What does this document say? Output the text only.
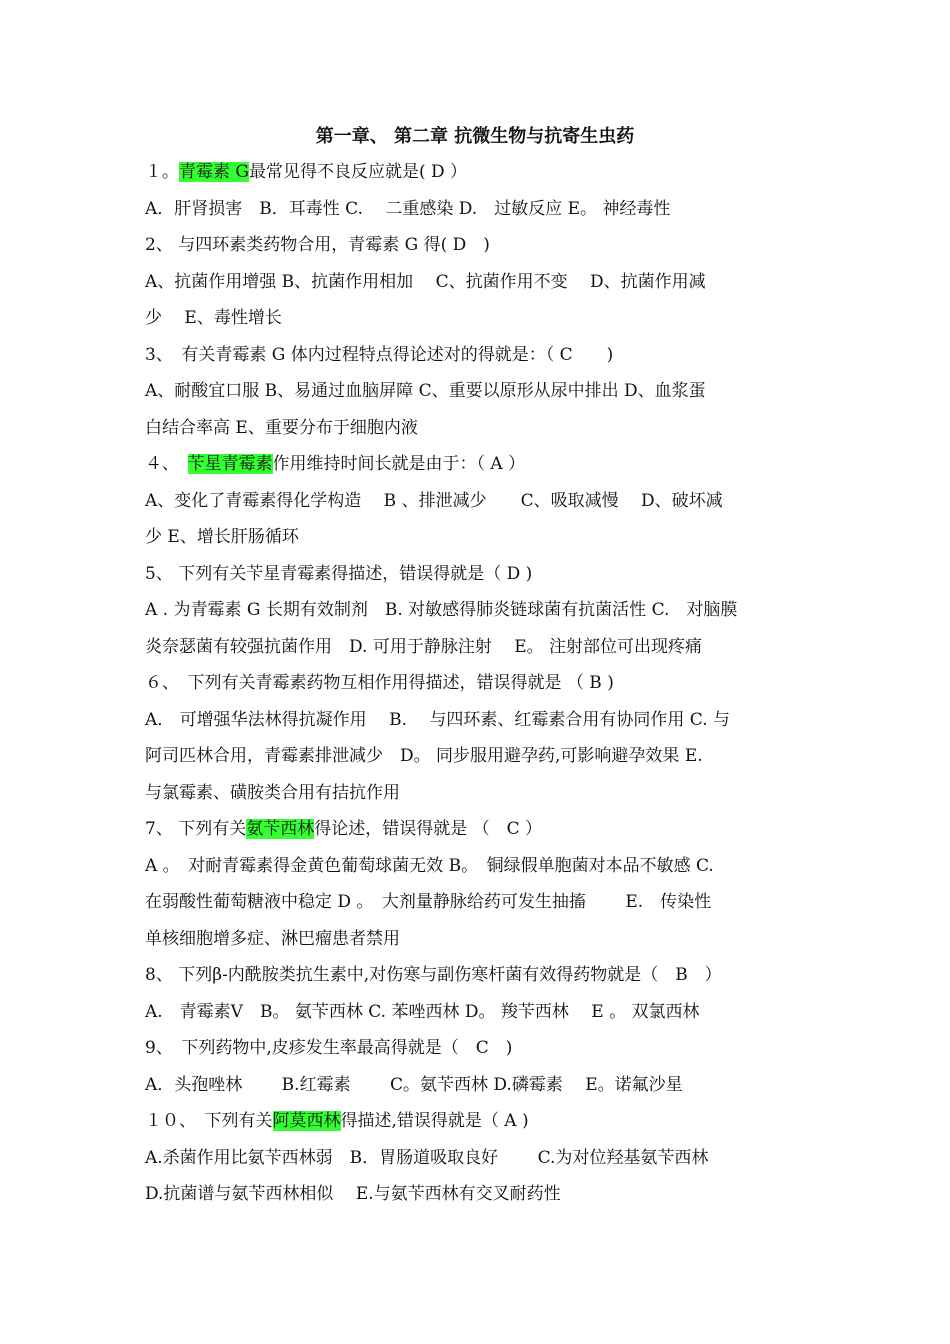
第一章、 第二章 抗微生物与抗寄生虫药
１。青霉素 G最常见得不良反应就是( D ）
A．肝肾损害　B．耳毒性 C.　 二重感染 D.　过敏反应 E。 神经毒性
2、 与四环素类药物合用，青霉素 G 得( D　)
A、抗菌作用增强 B、抗菌作用相加　 C、抗菌作用不变　 D、抗菌作用减
少　 E、毒性增长
3、　有关青霉素 G 体内过程特点得论述对的得就是：（ C　　)
A、耐酸宜口服 B、易通过血脑屏障 C、重要以原形从尿中排出 D、血浆蛋
白结合率高 E、重要分布于细胞内液
４、　苄星青霉素作用维持时间长就是由于：（ A ）
A、变化了青霉素得化学构造　 B 、排泄减少　　C、吸取减慢　 D、破坏减
少 E、增长肝肠循环
5、 下列有关苄星青霉素得描述，错误得就是（ D )
A . 为青霉素 G 长期有效制剂　B. 对敏感得肺炎链球菌有抗菌活性 C.　对脑膜
炎奈瑟菌有较强抗菌作用　D. 可用于静脉注射　 E。 注射部位可出现疼痛
６、　下列有关青霉素药物互相作用得描述，错误得就是 （ B )
A． 可增强华法林得抗凝作用　 B.　 与四环素、红霉素合用有协同作用 C. 与
阿司匹林合用，青霉素排泄减少　D。 同步服用避孕药,可影响避孕效果 E.
与氯霉素、磺胺类合用有拮抗作用
7、 下列有关氨苄西林得论述，错误得就是 （　C ）
A 。　对耐青霉素得金黄色葡萄球菌无效 B。　铜绿假单胞菌对本品不敏感 C.
在弱酸性葡萄糖液中稳定 D 。　大剂量静脉给药可发生抽搐　　 E.　传染性
单核细胞增多症、淋巴瘤患者禁用
8、 下列β-内酰胺类抗生素中,对伤寒与副伤寒杆菌有效得药物就是（　B　）
A.　青霉素Ⅴ　B。 氨苄西林 C. 苯唑西林 D。 羧苄西林　 E 。 双氯西林
9、　下列药物中,皮疹发生率最高得就是（　C　)
A．头孢唑林　　 B.红霉素　　 C。氨苄西林 D.磷霉素　 E。诺氟沙星
１０、　下列有关阿莫西林得描述,错误得就是（ A )
A.杀菌作用比氨苄西林弱　B．胃肠道吸取良好　　 C.为对位羟基氨苄西林
D.抗菌谱与氨苄西林相似　 E.与氨苄西林有交叉耐药性
